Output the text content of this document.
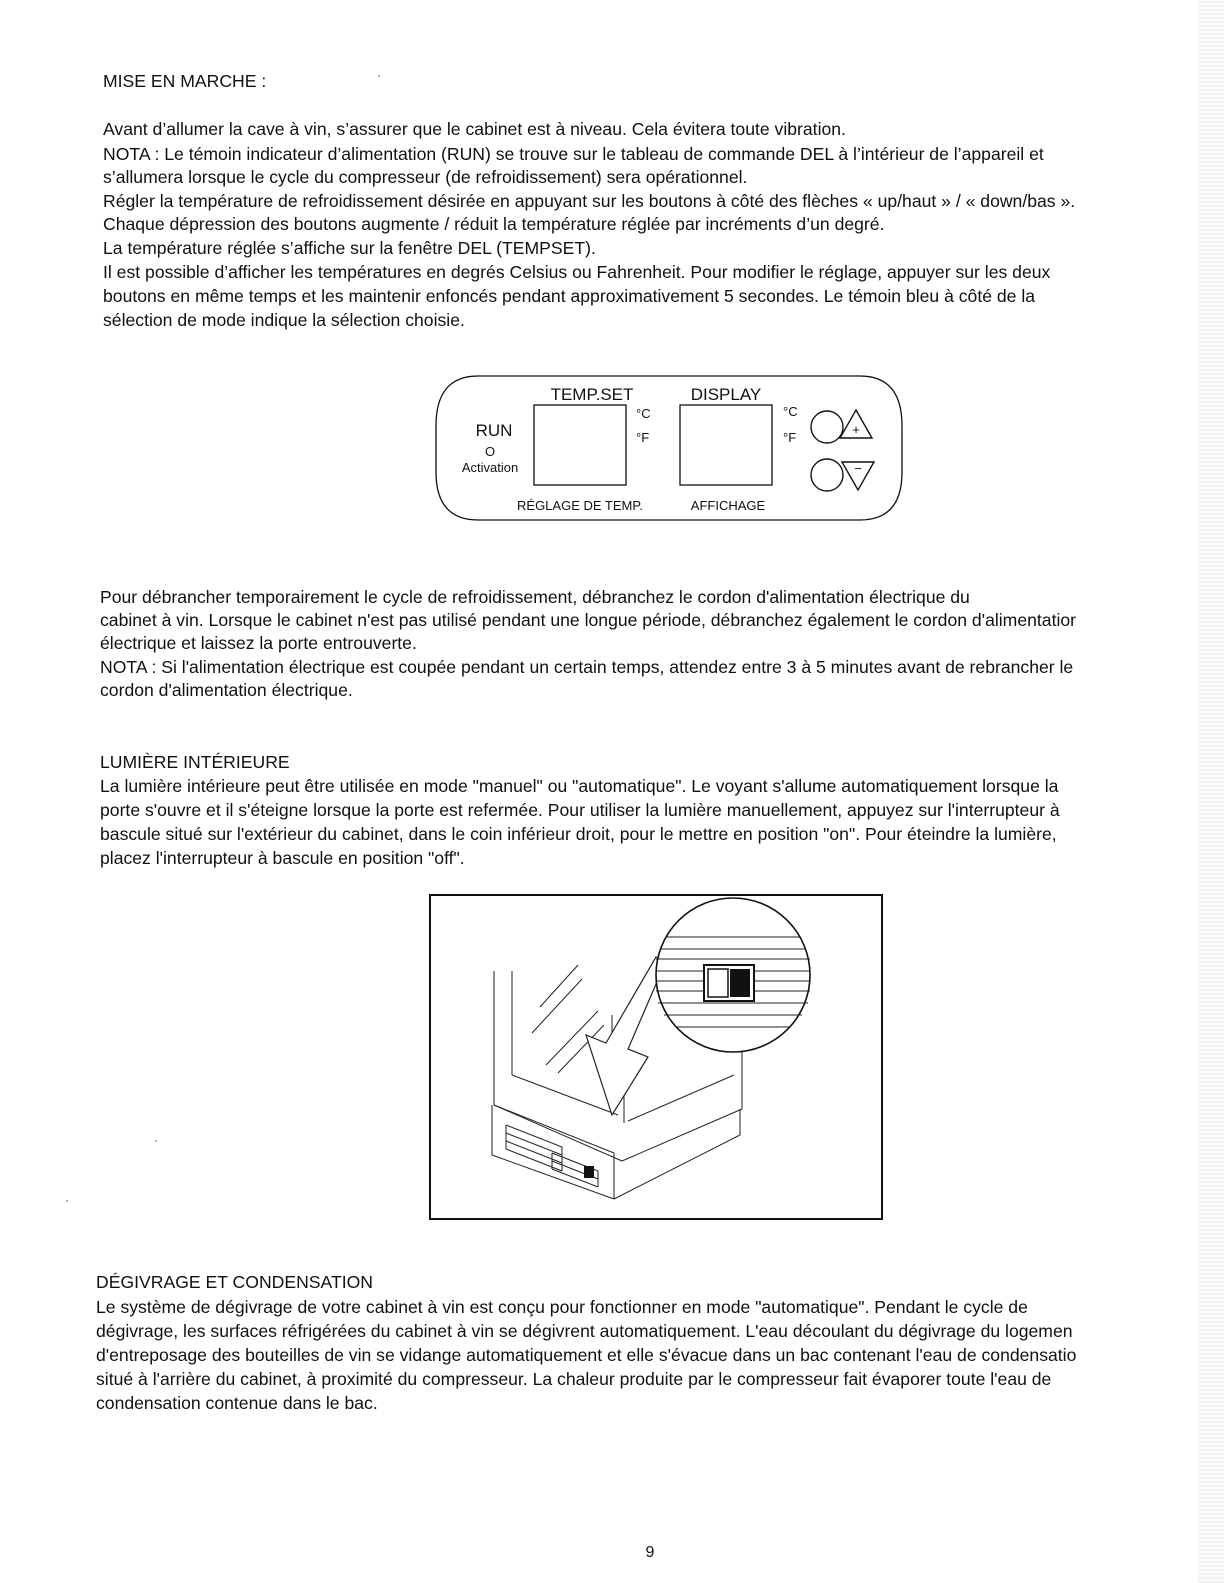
MISE EN MARCHE :

Avant d’allumer la cave à vin, s’assurer que le cabinet est à niveau. Cela évitera toute vibration.

NOTA : Le témoin indicateur d’alimentation (RUN) se trouve sur le tableau de commande DEL à l’intérieur de l’appareil et

s’allumera lorsque le cycle du compresseur (de refroidissement) sera opérationnel.

Régler la température de refroidissement désirée en appuyant sur les boutons à côté des flèches « up/haut » / « down/bas ».

Chaque dépression des boutons augmente / réduit la température réglée par incréments d’un degré.

La température réglée s’affiche sur la fenêtre DEL (TEMPSET).

Il est possible d’afficher les températures en degrés Celsius ou Fahrenheit. Pour modifier le réglage, appuyer sur les deux

boutons en même temps et les maintenir enfoncés pendant approximativement 5 secondes. Le témoin bleu à côté de la

sélection de mode indique la sélection choisie.

TEMP.SET	DISPLAY
RUN
O
Activation
°C
°F
°C
°F
+
−
RÉGLAGE DE TEMP.	AFFICHAGE

Pour débrancher temporairement le cycle de refroidissement, débranchez le cordon d'alimentation électrique du

cabinet à vin. Lorsque le cabinet n'est pas utilisé pendant une longue période, débranchez également le cordon d'alimentatior

électrique et laissez la porte entrouverte.

NOTA : Si l'alimentation électrique est coupée pendant un certain temps, attendez entre 3 à 5 minutes avant de rebrancher le

cordon d'alimentation électrique.

LUMIÈRE INTÉRIEURE

La lumière intérieure peut être utilisée en mode "manuel" ou "automatique". Le voyant s'allume automatiquement lorsque la

porte s'ouvre et il s'éteigne lorsque la porte est refermée. Pour utiliser la lumière manuellement, appuyez sur l'interrupteur à

bascule situé sur l'extérieur du cabinet, dans le coin inférieur droit, pour le mettre en position "on". Pour éteindre la lumière,

placez l'interrupteur à bascule en position "off".

DÉGIVRAGE ET CONDENSATION

Le système de dégivrage de votre cabinet à vin est conçu pour fonctionner en mode "automatique". Pendant le cycle de

dégivrage, les surfaces réfrigérées du cabinet à vin se dégivrent automatiquement. L'eau découlant du dégivrage du logemen

d'entreposage des bouteilles de vin se vidange automatiquement et elle s'évacue dans un bac contenant l'eau de condensatio

situé à l'arrière du cabinet, à proximité du compresseur. La chaleur produite par le compresseur fait évaporer toute l'eau de

condensation contenue dans le bac.

9
